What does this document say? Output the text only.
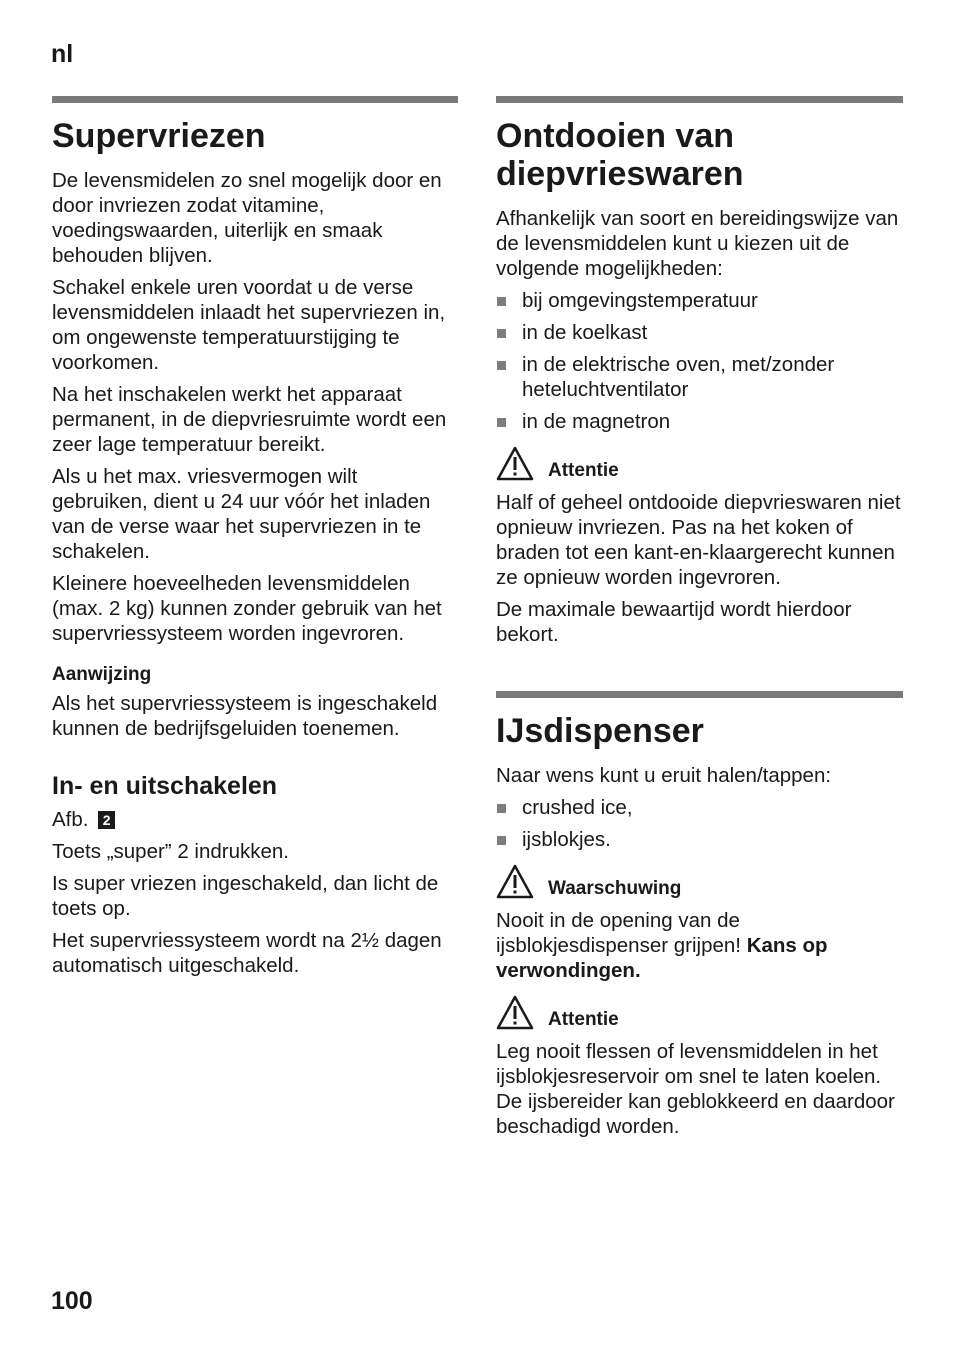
nl
Supervriezen

De levensmidelen zo snel mogelijk door en door invriezen zodat vitamine, voedingswaarden, uiterlijk en smaak behouden blijven.

Schakel enkele uren voordat u de verse levensmiddelen inlaadt het supervriezen in, om ongewenste temperatuurstijging te voorkomen.

Na het inschakelen werkt het apparaat permanent, in de diepvriesruimte wordt een zeer lage temperatuur bereikt.

Als u het max. vriesvermogen wilt gebruiken, dient u 24 uur vóór het inladen van de verse waar het supervriezen in te schakelen.

Kleinere hoeveelheden levensmiddelen (max. 2 kg) kunnen zonder gebruik van het supervriessysteem worden ingevroren.

Aanwijzing

Als het supervriessysteem is ingeschakeld kunnen de bedrijfsgeluiden toenemen.

In- en uitschakelen

Afb. 2

Toets „super” 2 indrukken.

Is super vriezen ingeschakeld, dan licht de toets op.

Het supervriessysteem wordt na 2½ dagen automatisch uitgeschakeld.

Ontdooien van diepvrieswaren

Afhankelijk van soort en bereidingswijze van de levensmiddelen kunt u kiezen uit de volgende mogelijkheden:

bij omgevingstemperatuur
in de koelkast
in de elektrische oven, met/zonder heteluchtventilator
in de magnetron
Attentie

Half of geheel ontdooide diepvrieswaren niet opnieuw invriezen. Pas na het koken of braden tot een kant-en-klaargerecht kunnen ze opnieuw worden ingevroren.

De maximale bewaartijd wordt hierdoor bekort.

IJsdispenser

Naar wens kunt u eruit halen/tappen:

crushed ice,
ijsblokjes.
Waarschuwing

Nooit in de opening van de ijsblokjesdispenser grijpen! Kans op verwondingen.

Attentie

Leg nooit flessen of levensmiddelen in het ijsblokjesreservoir om snel te laten koelen. De ijsbereider kan geblokkeerd en daardoor beschadigd worden.

100
